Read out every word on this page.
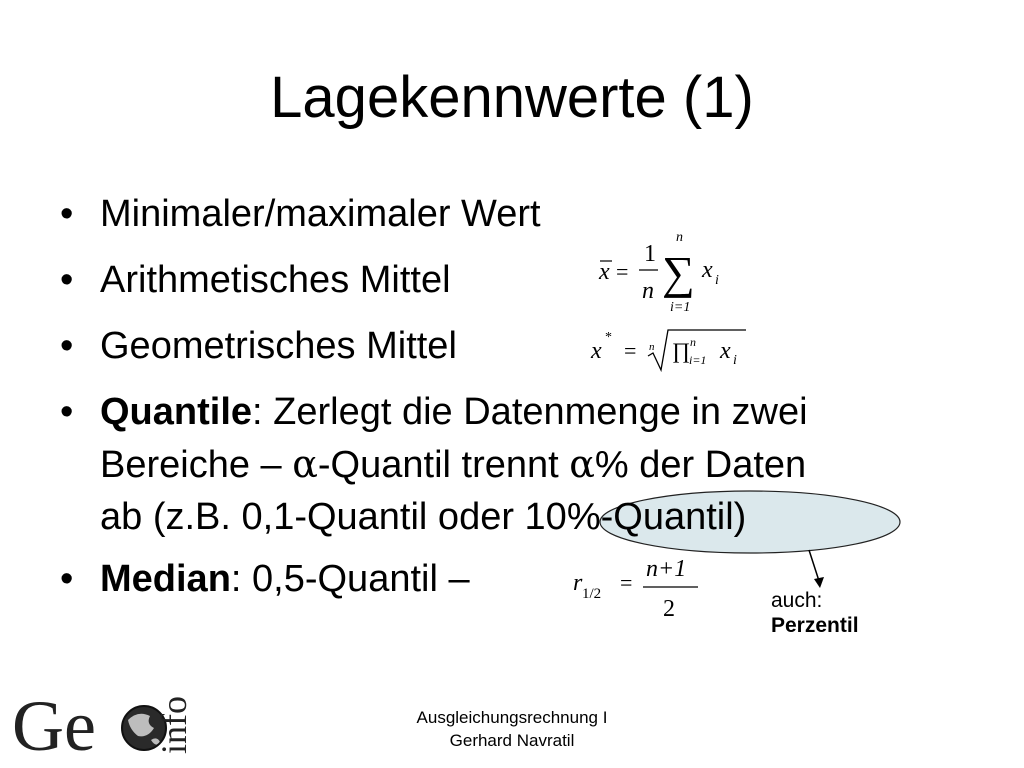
Lagekennwerte (1)
• Minimaler/maximaler Wert
• Arithmetisches Mittel
• Geometrisches Mittel
• Quantile: Zerlegt die Datenmenge in zwei
Bereiche – α-Quantil trennt α% der Daten
ab (z.B. 0,1-Quantil oder 10%-Quantil)
• Median: 0,5-Quantil –
x =
1
n
n
∑
i=1
x i
x
*
= n ∏ n
i=1 x i
r 1/2 =
n+1
2	auch:
Perzentil
Ausgleichungsrechnung I
Gerhard Navratil
Ge info
